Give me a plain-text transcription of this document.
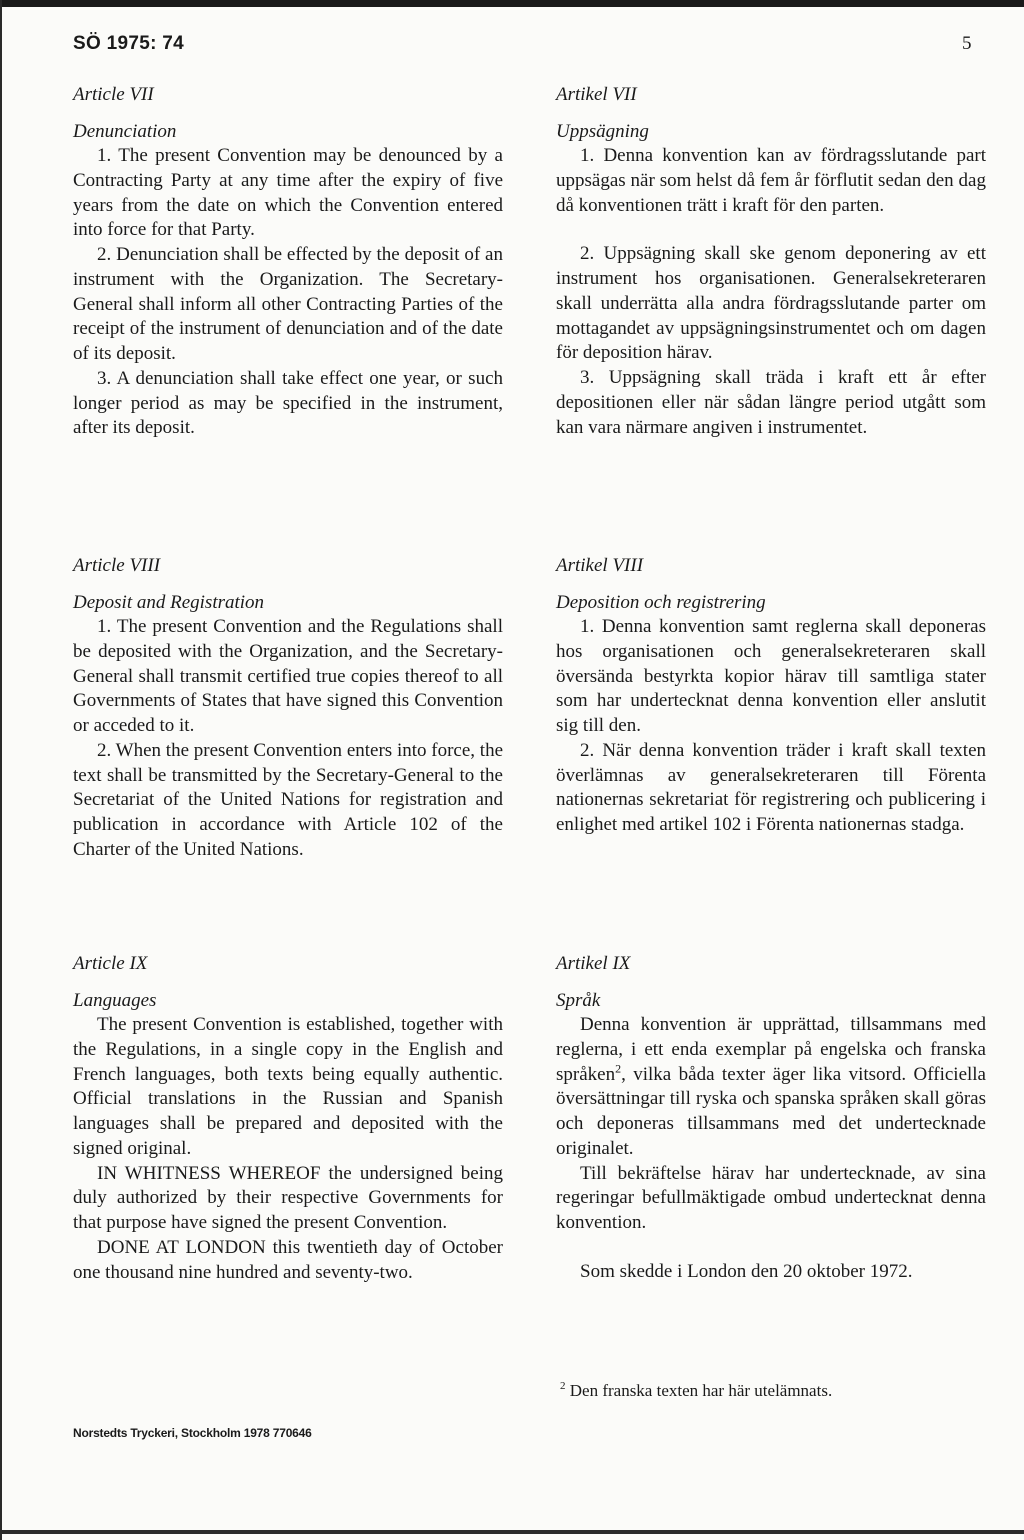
SÖ 1975: 74	5
Article VII
Denunciation

1. The present Convention may be denounced by a Contracting Party at any time after the expiry of five years from the date on which the Convention entered into force for that Party.

2. Denunciation shall be effected by the deposit of an instrument with the Organization. The Secretary-General shall inform all other Contracting Parties of the receipt of the instrument of denunciation and of the date of its deposit.

3. A denunciation shall take effect one year, or such longer period as may be specified in the instrument, after its deposit.

Article VIII
Deposit and Registration

1. The present Convention and the Regulations shall be deposited with the Organization, and the Secretary-General shall transmit certified true copies thereof to all Governments of States that have signed this Convention or acceded to it.

2. When the present Convention enters into force, the text shall be transmitted by the Secretary-General to the Secretariat of the United Nations for registration and publication in accordance with Article 102 of the Charter of the United Nations.

Article IX
Languages

The present Convention is established, together with the Regulations, in a single copy in the English and French languages, both texts being equally authentic. Official translations in the Russian and Spanish languages shall be prepared and deposited with the signed original.

IN WHITNESS WHEREOF the undersigned being duly authorized by their respective Governments for that purpose have signed the present Convention.

DONE AT LONDON this twentieth day of October one thousand nine hundred and seventy-two.

Artikel VII
Uppsägning

1. Denna konvention kan av fördragsslutande part uppsägas när som helst då fem år förflutit sedan den dag då konventionen trätt i kraft för den parten.

2. Uppsägning skall ske genom deponering av ett instrument hos organisationen. Generalsekreteraren skall underrätta alla andra fördragsslutande parter om mottagandet av uppsägningsinstrumentet och om dagen för deposition härav.

3. Uppsägning skall träda i kraft ett år efter depositionen eller när sådan längre period utgått som kan vara närmare angiven i instrumentet.

Artikel VIII
Deposition och registrering

1. Denna konvention samt reglerna skall deponeras hos organisationen och generalsekreteraren skall översända bestyrkta kopior härav till samtliga stater som har undertecknat denna konvention eller anslutit sig till den.

2. När denna konvention träder i kraft skall texten överlämnas av generalsekreteraren till Förenta nationernas sekretariat för registrering och publicering i enlighet med artikel 102 i Förenta nationernas stadga.

Artikel IX
Språk

Denna konvention är upprättad, tillsammans med reglerna, i ett enda exemplar på engelska och franska språken$^2$, vilka båda texter äger lika vitsord. Officiella översättningar till ryska och spanska språken skall göras och deponeras tillsammans med det undertecknade originalet.

Till bekräftelse härav har undertecknade, av sina regeringar befullmäktigade ombud undertecknat denna konvention.

Som skedde i London den 20 oktober 1972.

$^2$ Den franska texten har här utelämnats.
Norstedts Tryckeri, Stockholm 1978 770646
